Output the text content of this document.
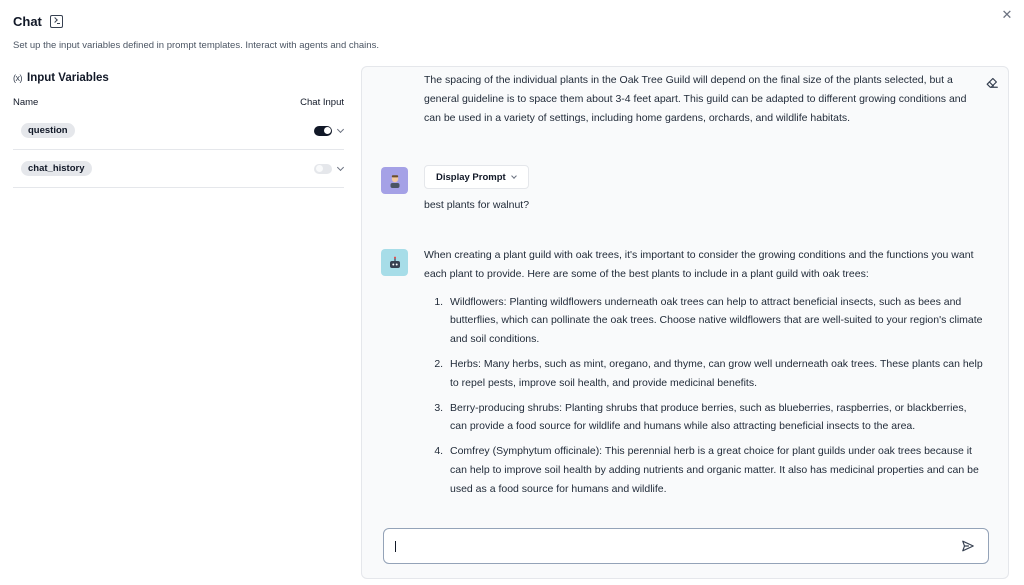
Chat
Set up the input variables defined in prompt templates. Interact with agents and chains.
✕
(x) Input Variables
Name	Chat Input
question
chat_history
The spacing of the individual plants in the Oak Tree Guild will depend on the final size of the plants selected, but a general guideline is to space them about 3-4 feet apart. This guild can be adapted to different growing conditions and can be used in a variety of settings, including home gardens, orchards, and wildlife habitats.
Display Prompt
best plants for walnut?
When creating a plant guild with oak trees, it's important to consider the growing conditions and the functions you want each plant to provide. Here are some of the best plants to include in a plant guild with oak trees:
1. Wildflowers: Planting wildflowers underneath oak trees can help to attract beneficial insects, such as bees and butterflies, which can pollinate the oak trees. Choose native wildflowers that are well-suited to your region's climate and soil conditions.
2. Herbs: Many herbs, such as mint, oregano, and thyme, can grow well underneath oak trees. These plants can help to repel pests, improve soil health, and provide medicinal benefits.
3. Berry-producing shrubs: Planting shrubs that produce berries, such as blueberries, raspberries, or blackberries, can provide a food source for wildlife and humans while also attracting beneficial insects to the area.
4. Comfrey (Symphytum officinale): This perennial herb is a great choice for plant guilds under oak trees because it can help to improve soil health by adding nutrients and organic matter. It also has medicinal properties and can be used as a food source for humans and wildlife.
